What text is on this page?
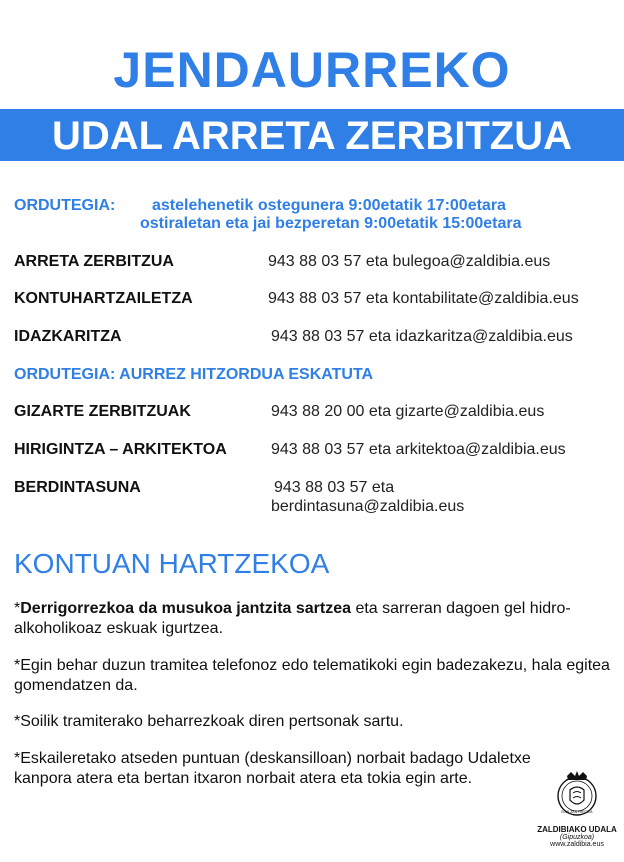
JENDAURREKO
UDAL ARRETA ZERBITZUA
ORDUTEGIA: astelehenetik ostegunera 9:00etatik 17:00etara
ostiraletan eta jai bezperetan 9:00etatik 15:00etara
ARRETA ZERBITZUA	943 88 03 57 eta bulegoa@zaldibia.eus
KONTUHARTZAILETZA	943 88 03 57 eta kontabilitate@zaldibia.eus
IDAZKARITZA	943 88 03 57 eta idazkaritza@zaldibia.eus
ORDUTEGIA: AURREZ HITZORDUA ESKATUTA
GIZARTE ZERBITZUAK	943 88 20 00 eta gizarte@zaldibia.eus
HIRIGINTZA – ARKITEKTOA	943 88 03 57 eta arkitektoa@zaldibia.eus
BERDINTASUNA	943 88 03 57 eta
berdintasuna@zaldibia.eus
KONTUAN HARTZEKOA
*Derrigorrezkoa da musukoa jantzita sartzea eta sarreran dagoen gel hidro-alkoholikoaz eskuak igurtzea.
*Egin behar duzun tramitea telefonoz edo telematikoki egin badezakezu, hala egitea gomendatzen da.
*Soilik tramiterako beharrezkoak diren pertsonak sartu.
*Eskaileretako atseden puntuan (deskansilloan) norbait badago Udaletxe kanpora atera eta bertan itxaron norbait atera eta tokia egin arte.
EGIN ZAN PRESTUA
ZALDIBIAKO UDALA
(Gipuzkoa)
www.zaldibia.eus
